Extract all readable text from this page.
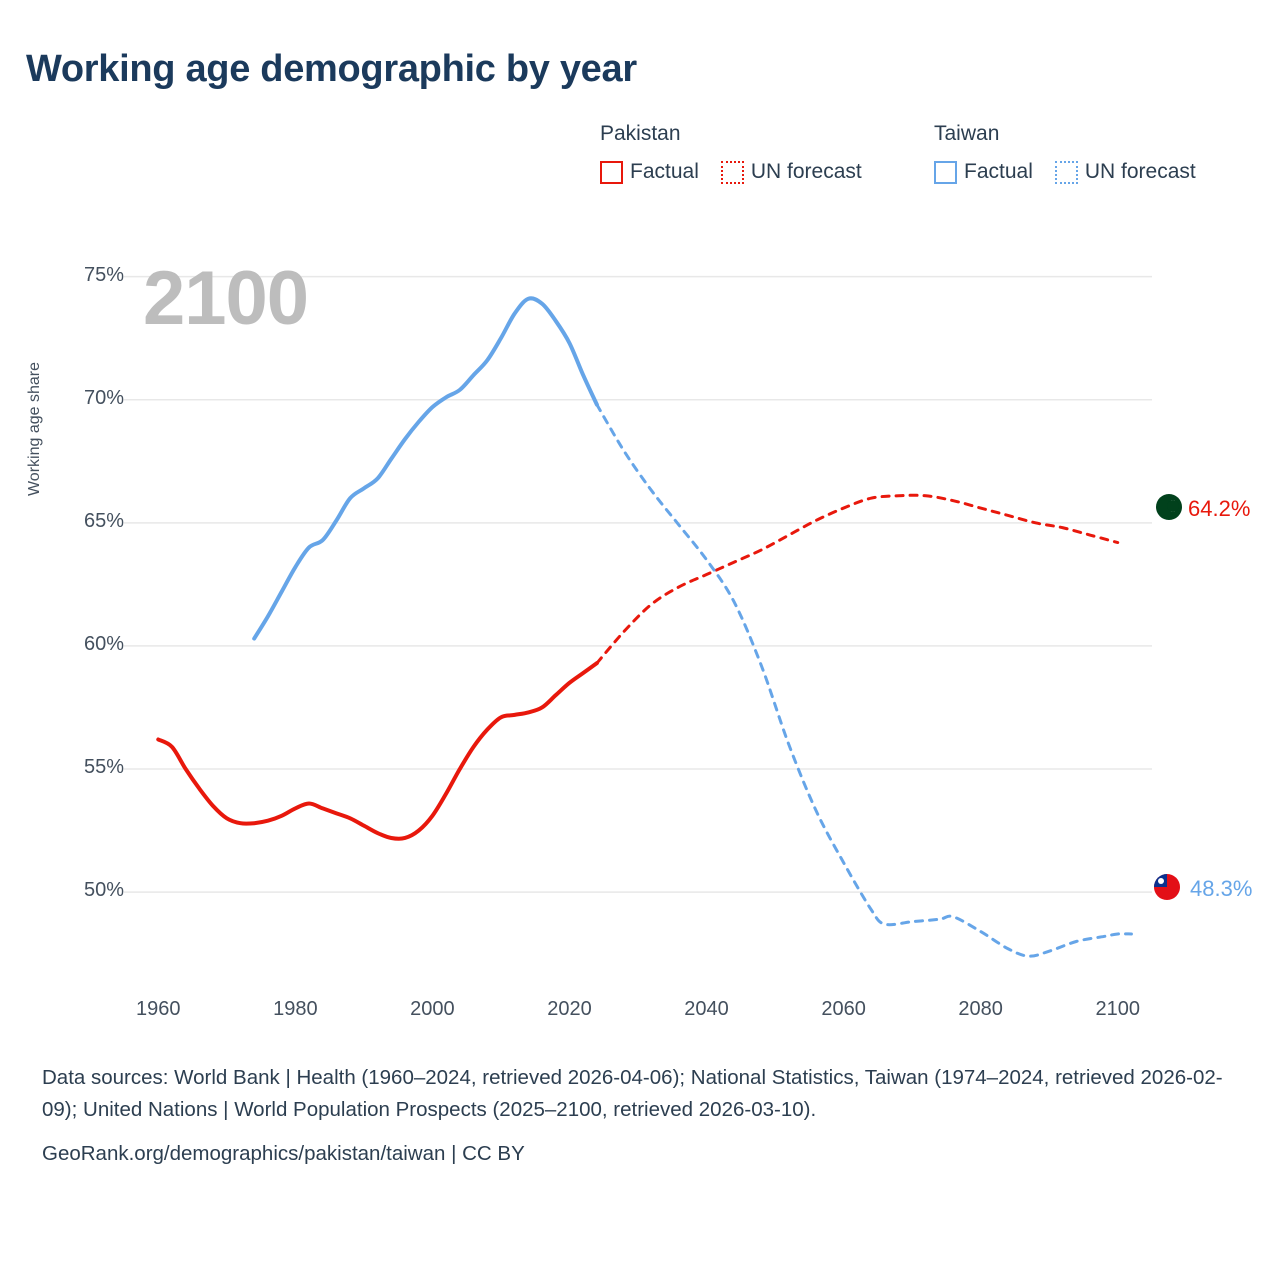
Working age demographic by year
Pakistan
Factual UN forecast
Taiwan
Factual UN forecast
2100
Working age share
50%
55%
60%
65%
70%
75%
1960	1980	2000	2020	2040	2060	2080	2100
64.2%
48.3%
Data sources: World Bank | Health (1960–2024, retrieved 2026-04-06); National Statistics, Taiwan (1974–2024, retrieved 2026-02-09); United Nations | World Population Prospects (2025–2100, retrieved 2026-03-10).
GeoRank.org/demographics/pakistan/taiwan | CC BY
